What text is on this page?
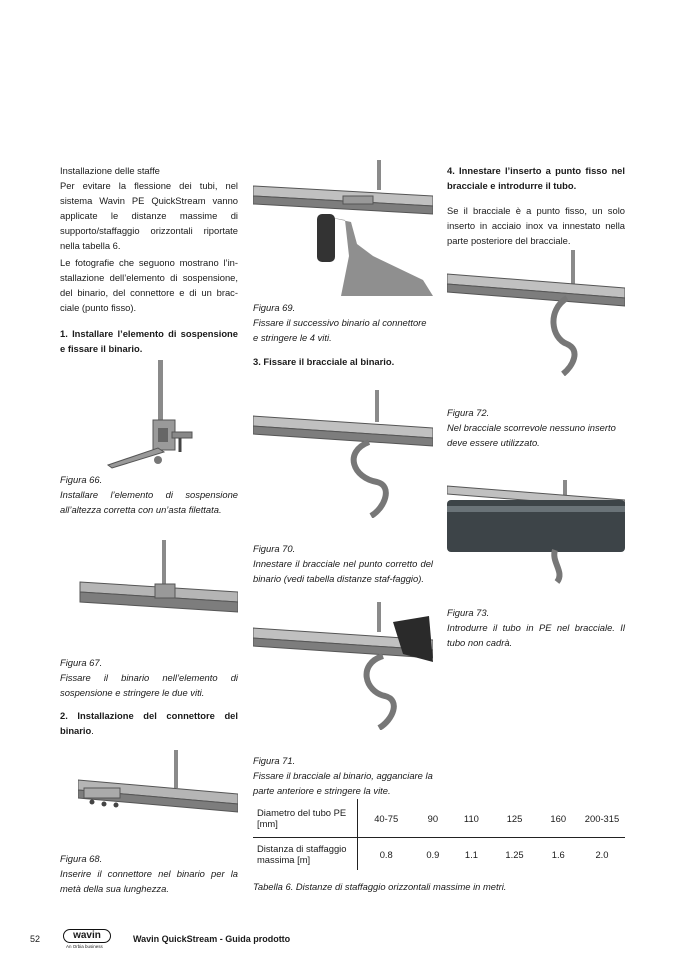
Installazione delle staffe
Per evitare la flessione dei tubi, nel sistema Wavin PE QuickStream vanno applicate le distanze massime di supporto/staffaggio orizzontali riportate nella tabella 6.
Le fotografie che seguono mostrano l’in-stallazione dell’elemento di sospensione, del binario, del connettore e di un brac-ciale (punto fisso).
1. Installare l’elemento di sospensione e fissare il binario.
Figura 66.
Installare l’elemento di sospensione all’altezza corretta con un’asta filettata.
Figura 67.
Fissare il binario nell’elemento di sospensione e stringere le due viti.
2. Installazione del connettore del binario.
Figura 68.
Inserire il connettore nel binario per la metà della sua lunghezza.
Figura 69.
Fissare il successivo binario al connettore e stringere le 4 viti.
3. Fissare il bracciale al binario.
Figura 70.
Innestare il bracciale nel punto corretto del binario (vedi tabella distanze staf-faggio).
Figura 71.
Fissare il bracciale al binario, agganciare la parte anteriore e stringere la vite.
Diametro del tubo PE [mm]	40-75	90	110	125	160	200-315
Distanza di staffaggio massima [m]	0.8	0.9	1.1	1.25	1.6	2.0
Tabella 6. Distanze di staffaggio orizzontali massime in metri.
4. Innestare l’inserto a punto fisso nel bracciale e introdurre il tubo.
Se il bracciale è a punto fisso, un solo inserto in acciaio inox va innestato nella parte posteriore del bracciale.
Figura 72.
Nel bracciale scorrevole nessuno inserto deve essere utilizzato.
Figura 73.
Introdurre il tubo in PE nel bracciale. Il tubo non cadrà.
52	wavin
An Orbia business
Wavin QuickStream - Guida prodotto
